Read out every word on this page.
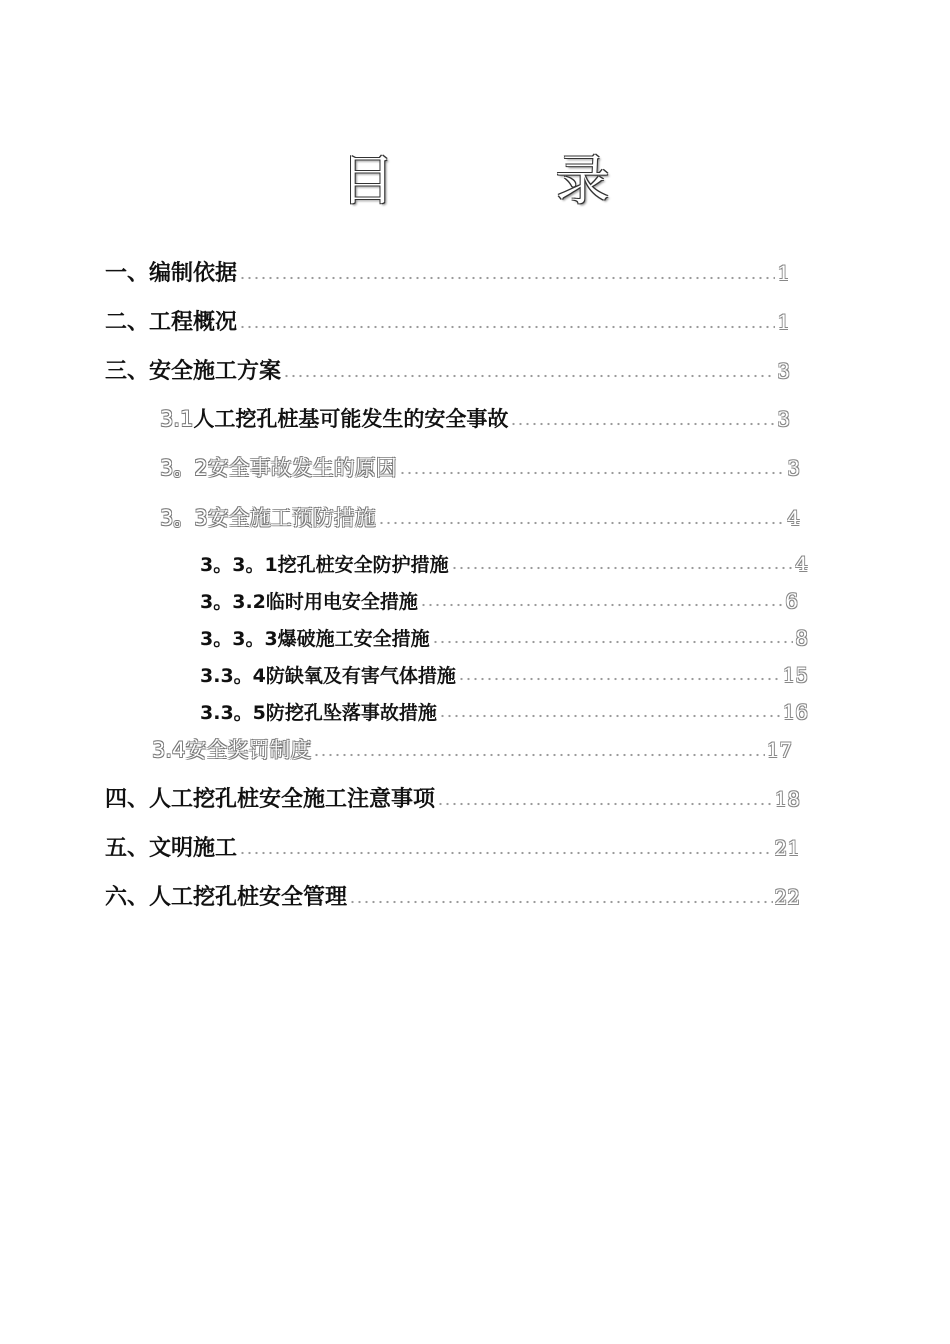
目 录
一、编制依据	1
二、工程概况	1
三、安全施工方案	3
3.1人工挖孔桩基可能发生的安全事故	3
3。2安全事故发生的原因	3
3。3安全施工预防措施	4
3。3。1挖孔桩安全防护措施	4
3。3.2临时用电安全措施	6
3。3。3爆破施工安全措施	8
3.3。4防缺氧及有害气体措施	15
3.3。5防挖孔坠落事故措施	16
3.4安全奖罚制度	17
四、人工挖孔桩安全施工注意事项	18
五、文明施工	21
六、人工挖孔桩安全管理	22
